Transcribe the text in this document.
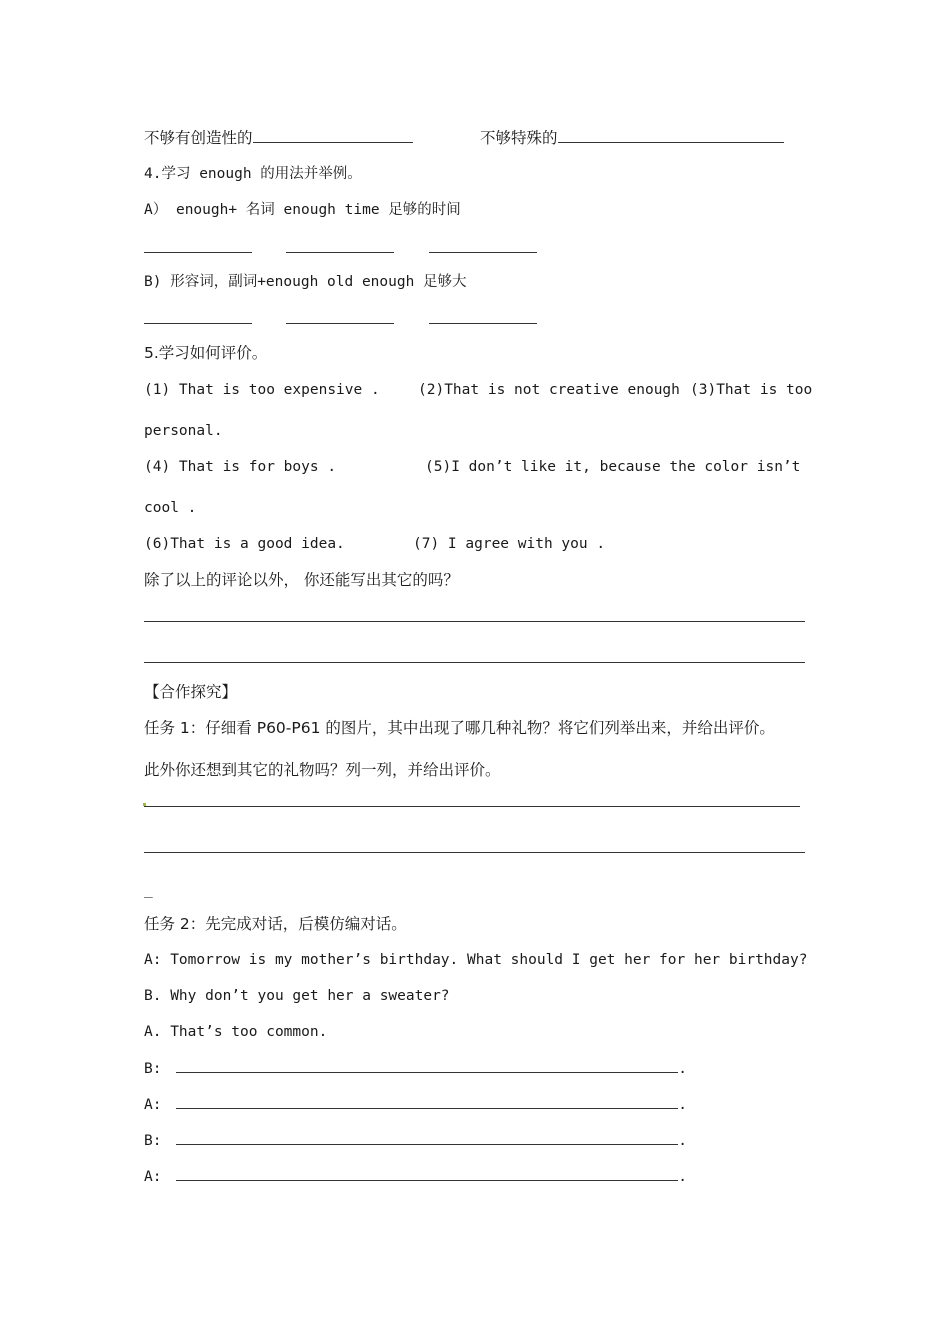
不够有创造性的	不够特殊的
4.学习 enough 的用法并举例。
A） enough+ 名词 enough time 足够的时间
B) 形容词，副词+enough old enough 足够大
5.学习如何评价。
(1) That is too expensive .	(2)That is not creative enough (3)That is too
personal.
(4) That is for boys .	(5)I don’t like it, because the color isn’t
cool .
(6)That is a good idea.	(7) I agree with you .
除了以上的评论以外， 你还能写出其它的吗？
【合作探究】
任务 1：仔细看 P60-P61 的图片，其中出现了哪几种礼物？将它们列举出来，并给出评价。
此外你还想到其它的礼物吗？列一列，并给出评价。
_
任务 2：先完成对话，后模仿编对话。
A: Tomorrow is my mother’s birthday. What should I get her for her birthday?
B. Why don’t you get her a sweater?
A. That’s too common.
B:	.
A:	.
B:	.
A:	.
